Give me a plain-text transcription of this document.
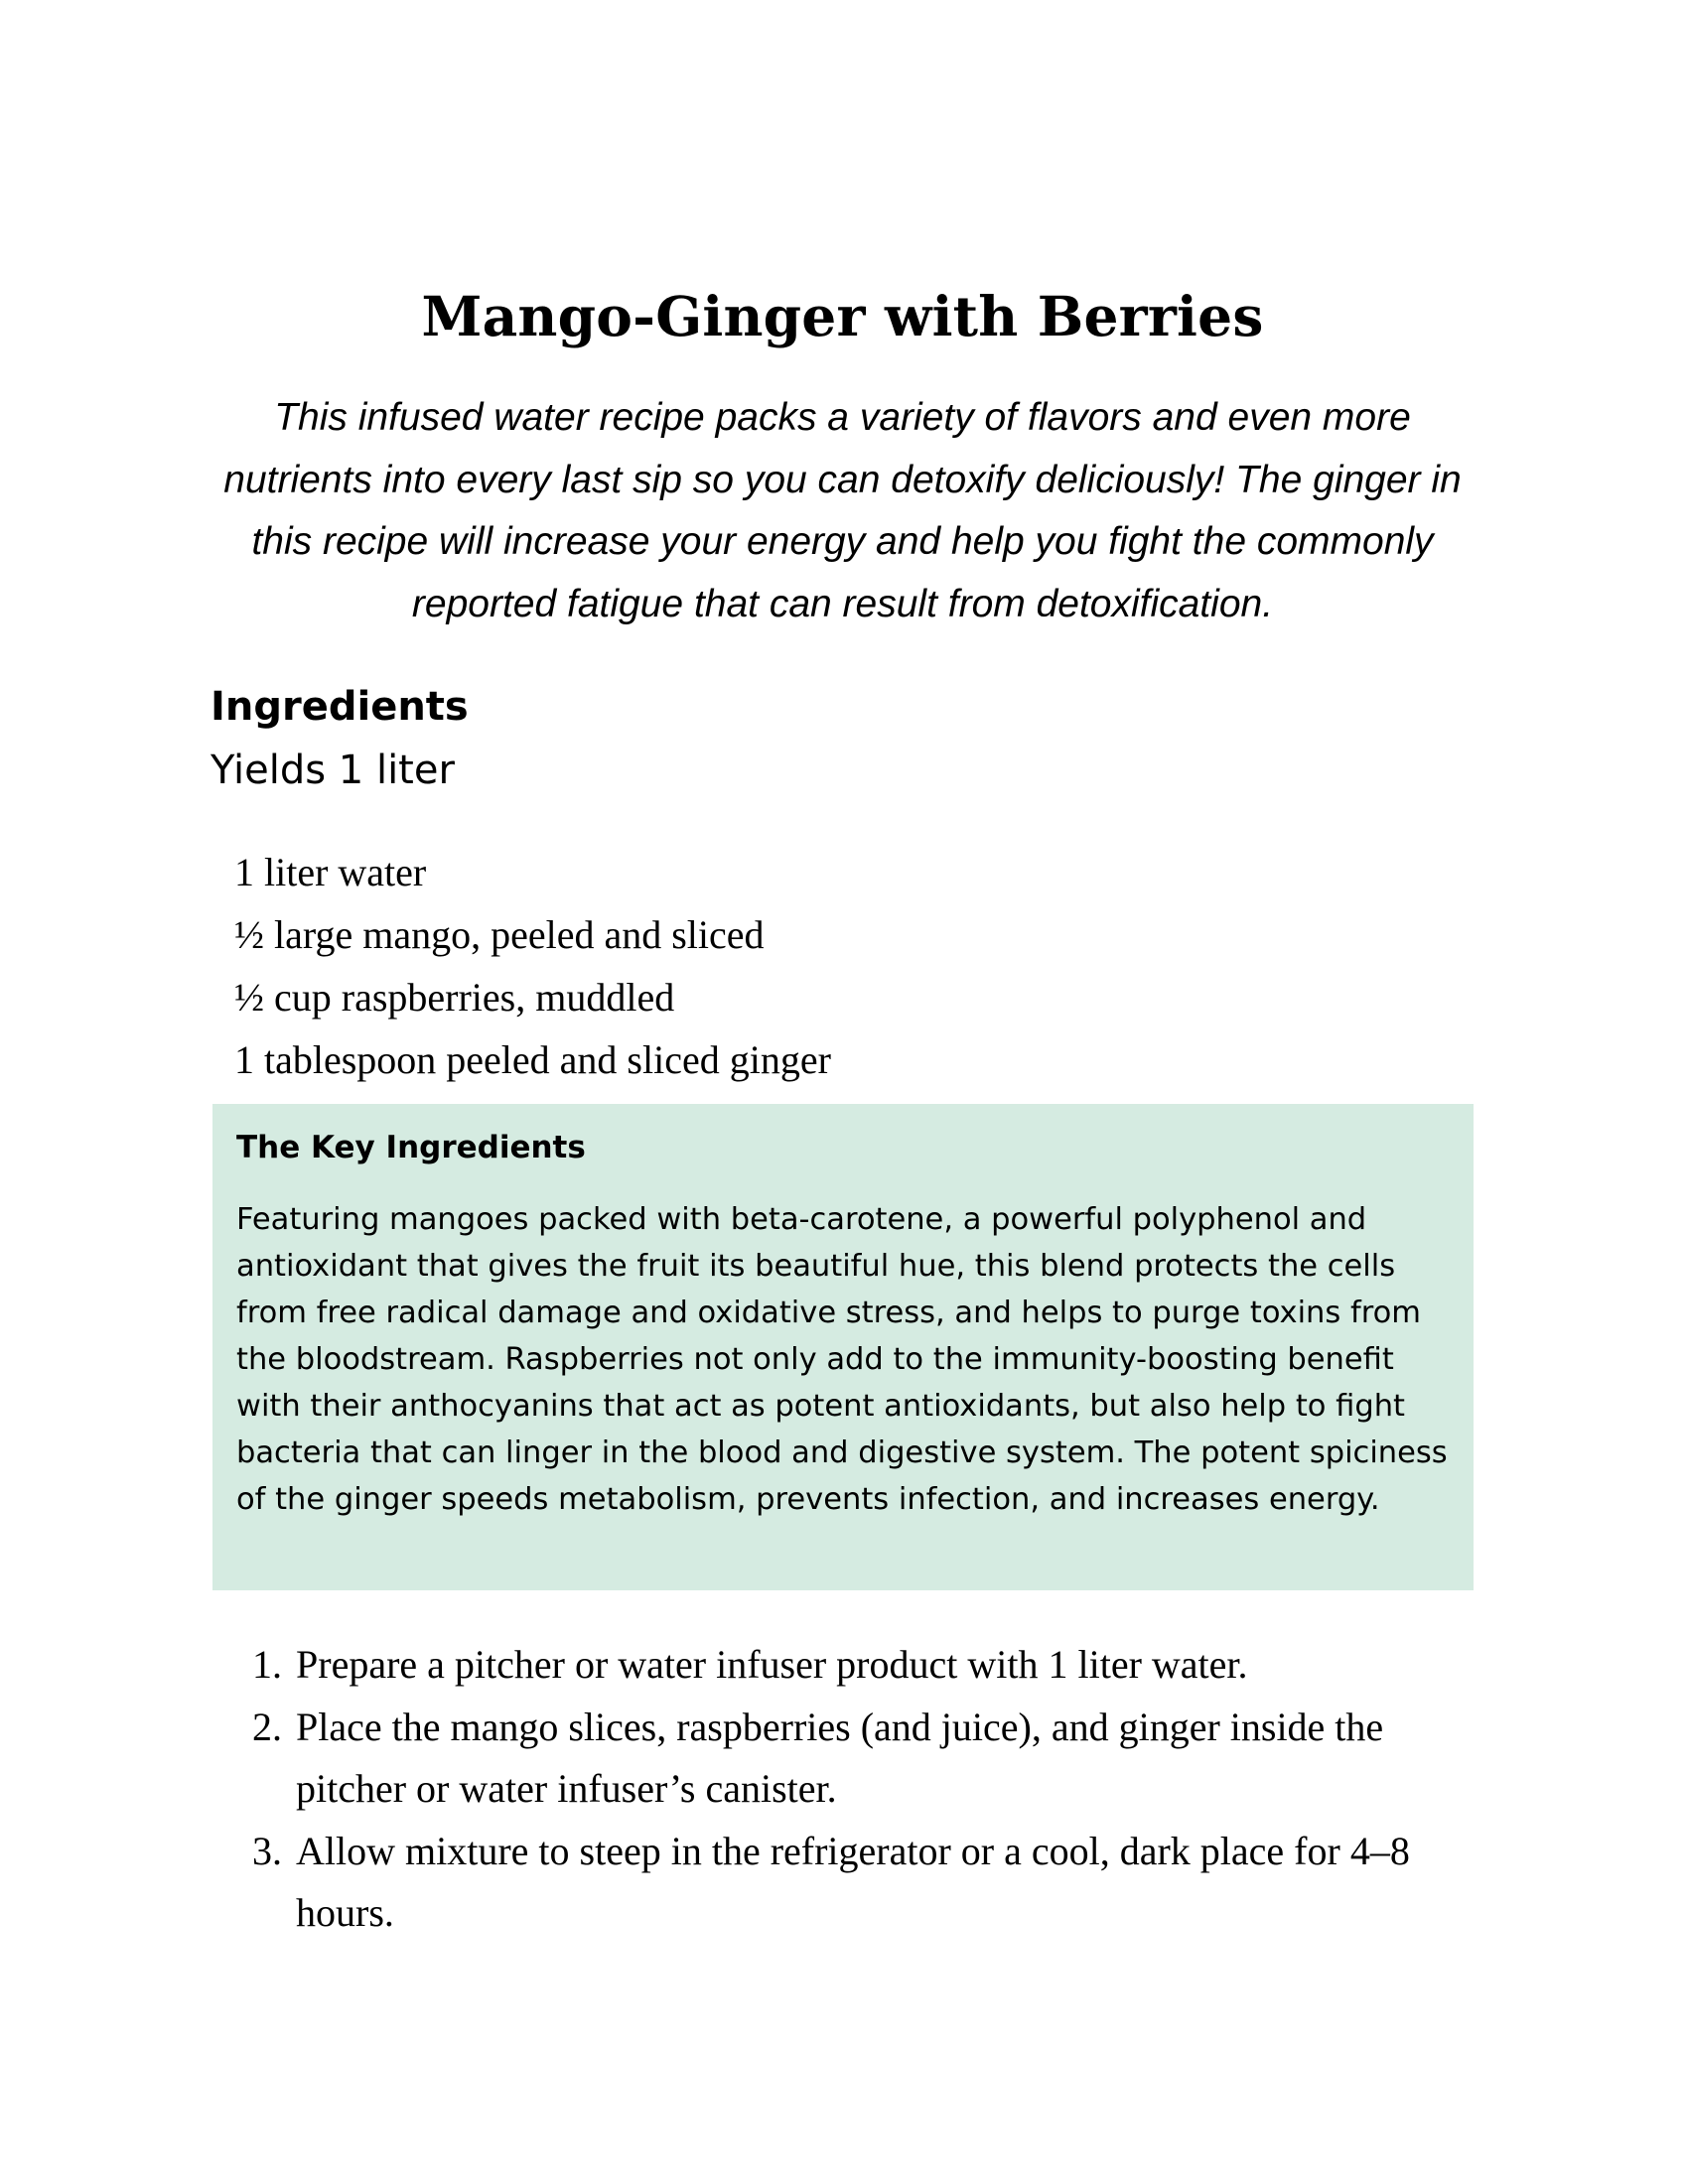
Mango-Ginger with Berries

This infused water recipe packs a variety of flavors and even more nutrients into every last sip so you can detoxify deliciously! The ginger in this recipe will increase your energy and help you fight the commonly reported fatigue that can result from detoxification.

Ingredients

Yields 1 liter

1 liter water
½ large mango, peeled and sliced
½ cup raspberries, muddled
1 tablespoon peeled and sliced ginger

The Key Ingredients

Featuring mangoes packed with beta-carotene, a powerful polyphenol and antioxidant that gives the fruit its beautiful hue, this blend protects the cells from free radical damage and oxidative stress, and helps to purge toxins from the bloodstream. Raspberries not only add to the immunity-boosting benefit with their anthocyanins that act as potent antioxidants, but also help to fight bacteria that can linger in the blood and digestive system. The potent spiciness of the ginger speeds metabolism, prevents infection, and increases energy.

1. Prepare a pitcher or water infuser product with 1 liter water.
2. Place the mango slices, raspberries (and juice), and ginger inside the pitcher or water infuser’s canister.
3. Allow mixture to steep in the refrigerator or a cool, dark place for 4–8 hours.
